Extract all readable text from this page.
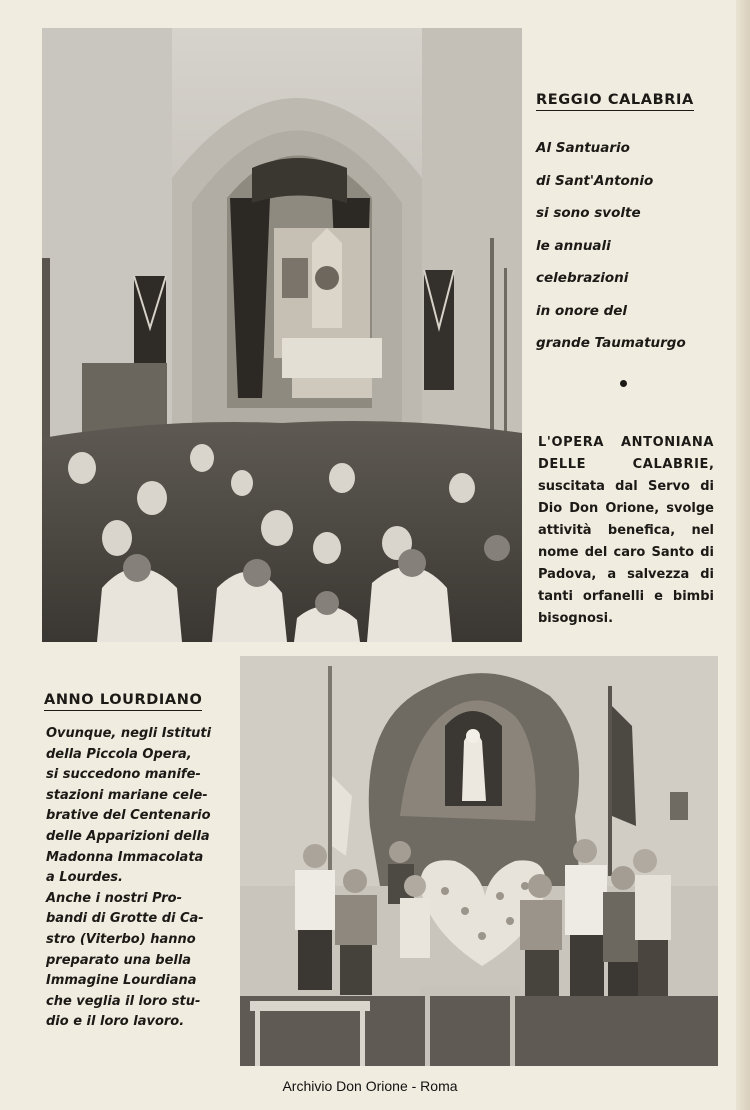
REGGIO CALABRIA
Al Santuario
di Sant'Antonio
si sono svolte
le annuali
celebrazioni
in onore del
grande Taumaturgo
L'OPERA ANTONIANA DELLE CALABRIE, suscitata dal Servo di Dio Don Orione, svolge attività benefica, nel nome del caro Santo di Padova, a salvezza di tanti orfanelli e bimbi bisognosi.
ANNO LOURDIANO
Ovunque, negli Istituti
della Piccola Opera,
si succedono manife-
stazioni mariane cele-
brative del Centenario
delle Apparizioni della
Madonna Immacolata
a Lourdes.
Anche i nostri Pro-
bandi di Grotte di Ca-
stro (Viterbo) hanno
preparato una bella
Immagine Lourdiana
che veglia il loro stu-
dio e il loro lavoro.
Archivio Don Orione - Roma
